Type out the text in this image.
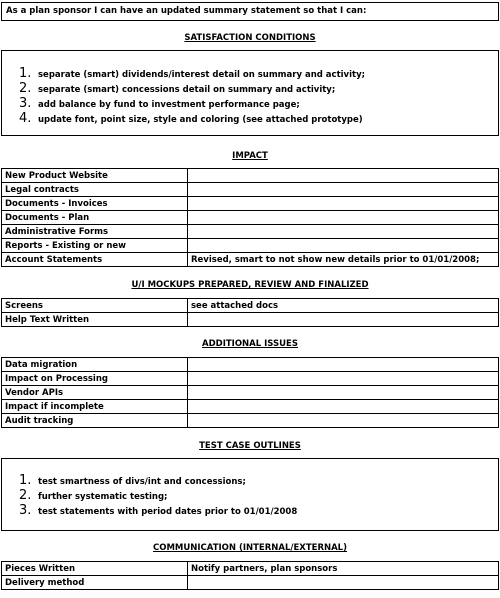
As a plan sponsor I can have an updated summary statement so that I can:
SATISFACTION CONDITIONS
1. separate (smart) dividends/interest detail on summary and activity;
2. separate (smart) concessions detail on summary and activity;
3. add balance by fund to investment performance page;
4. update font, point size, style and coloring (see attached prototype)
IMPACT
New Product Website	
Legal contracts	
Documents - Invoices	
Documents - Plan	
Administrative Forms	
Reports - Existing or new	
Account Statements	Revised, smart to not show new details prior to 01/01/2008;
U/I MOCKUPS PREPARED, REVIEW AND FINALIZED
Screens	see attached docs
Help Text Written	
ADDITIONAL ISSUES
Data migration	
Impact on Processing	
Vendor APIs	
Impact if incomplete	
Audit tracking	
TEST CASE OUTLINES
1. test smartness of divs/int and concessions;
2. further systematic testing;
3. test statements with period dates prior to 01/01/2008
COMMUNICATION (INTERNAL/EXTERNAL)
Pieces Written	Notify partners, plan sponsors
Delivery method	
